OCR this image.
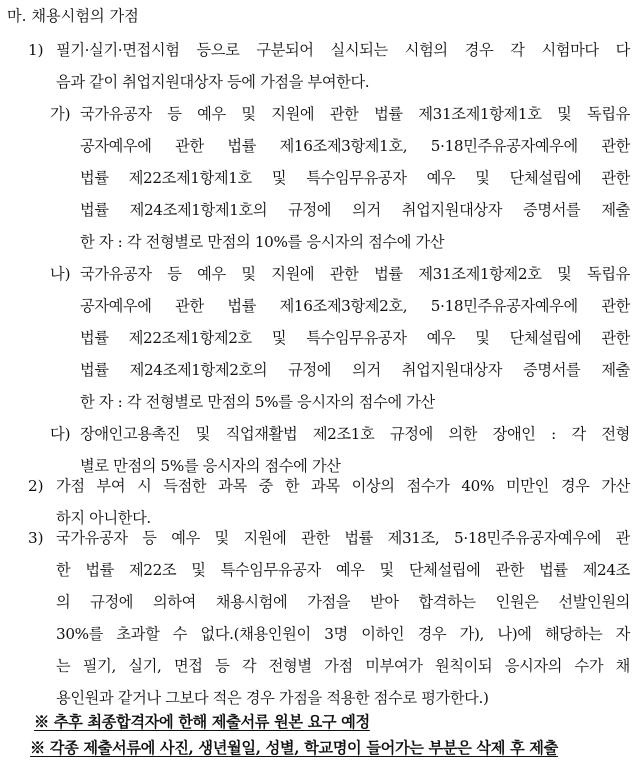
마. 채용시험의 가점
1) 필기·실기·면접시험 등으로 구분되어 실시되는 시험의 경우 각 시험마다 다
음과 같이 취업지원대상자 등에 가점을 부여한다.
가) 국가유공자 등 예우 및 지원에 관한 법률 제31조제1항제1호 및 독립유
공자예우에 관한 법률 제16조제3항제1호, 5·18민주유공자예우에 관한
법률 제22조제1항제1호 및 특수임무유공자 예우 및 단체설립에 관한
법률 제24조제1항제1호의 규정에 의거 취업지원대상자 증명서를 제출
한 자 : 각 전형별로 만점의 10%를 응시자의 점수에 가산
나) 국가유공자 등 예우 및 지원에 관한 법률 제31조제1항제2호 및 독립유
공자예우에 관한 법률 제16조제3항제2호, 5·18민주유공자예우에 관한
법률 제22조제1항제2호 및 특수임무유공자 예우 및 단체설립에 관한
법률 제24조제1항제2호의 규정에 의거 취업지원대상자 증명서를 제출
한 자 : 각 전형별로 만점의 5%를 응시자의 점수에 가산
다) 장애인고용촉진 및 직업재활법 제2조1호 규정에 의한 장애인 : 각 전형
별로 만점의 5%를 응시자의 점수에 가산
2) 가점 부여 시 득점한 과목 중 한 과목 이상의 점수가 40% 미만인 경우 가산
하지 아니한다.
3) 국가유공자 등 예우 및 지원에 관한 법률 제31조, 5·18민주유공자예우에 관
한 법률 제22조 및 특수임무유공자 예우 및 단체설립에 관한 법률 제24조
의 규정에 의하여 채용시험에 가점을 받아 합격하는 인원은 선발인원의
30%를 초과할 수 없다.(채용인원이 3명 이하인 경우 가), 나)에 해당하는 자
는 필기, 실기, 면접 등 각 전형별 가점 미부여가 원칙이되 응시자의 수가 채
용인원과 같거나 그보다 적은 경우 가점을 적용한 점수로 평가한다.)
※ 추후 최종합격자에 한해 제출서류 원본 요구 예정
※ 각종 제출서류에 사진, 생년월일, 성별, 학교명이 들어가는 부분은 삭제 후 제출
